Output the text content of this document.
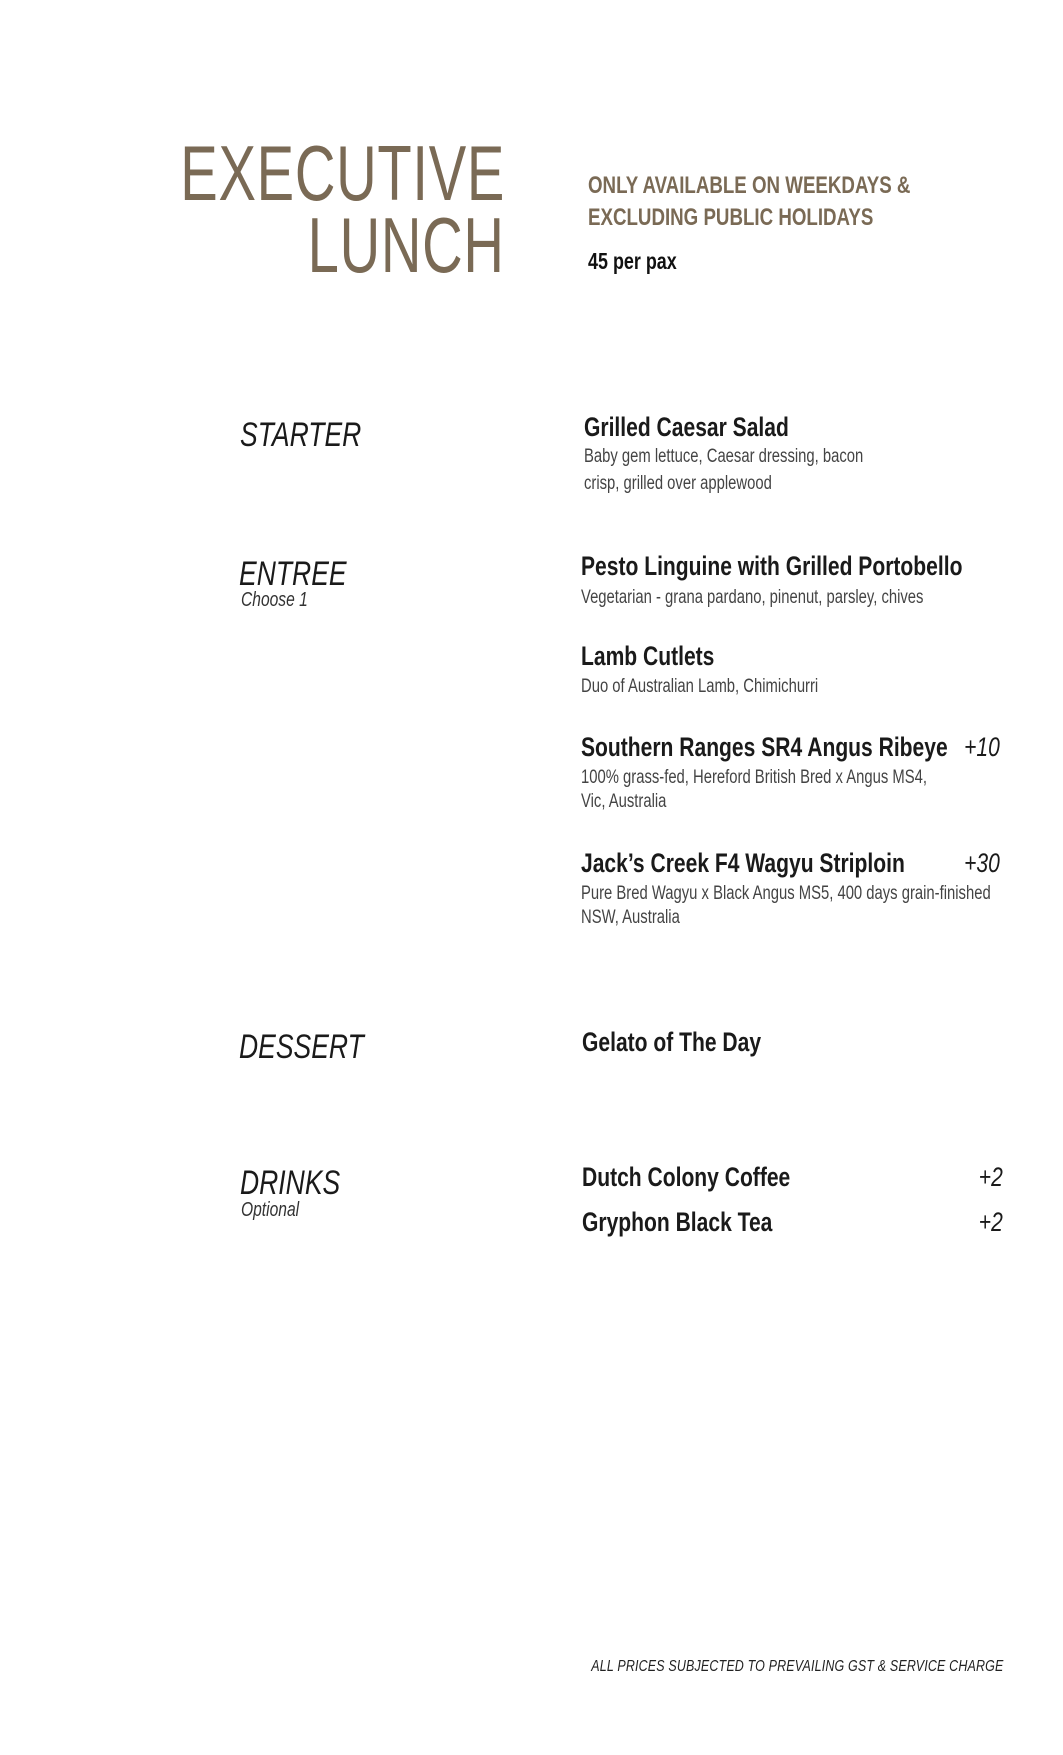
EXECUTIVE
LUNCH
ONLY AVAILABLE ON WEEKDAYS &
EXCLUDING PUBLIC HOLIDAYS
45 per pax
STARTER	Grilled Caesar Salad
Baby gem lettuce, Caesar dressing, bacon
crisp, grilled over applewood
ENTREE
Choose 1
Pesto Linguine with Grilled Portobello
Vegetarian - grana pardano, pinenut, parsley, chives
Lamb Cutlets
Duo of Australian Lamb, Chimichurri
Southern Ranges SR4 Angus Ribeye +10
100% grass-fed, Hereford British Bred x Angus MS4,
Vic, Australia
Jack’s Creek F4 Wagyu Striploin +30
Pure Bred Wagyu x Black Angus MS5, 400 days grain-finished
NSW, Australia
DESSERT	Gelato of The Day
DRINKS
Optional
Dutch Colony Coffee	+2
Gryphon Black Tea	+2
ALL PRICES SUBJECTED TO PREVAILING GST & SERVICE CHARGE
